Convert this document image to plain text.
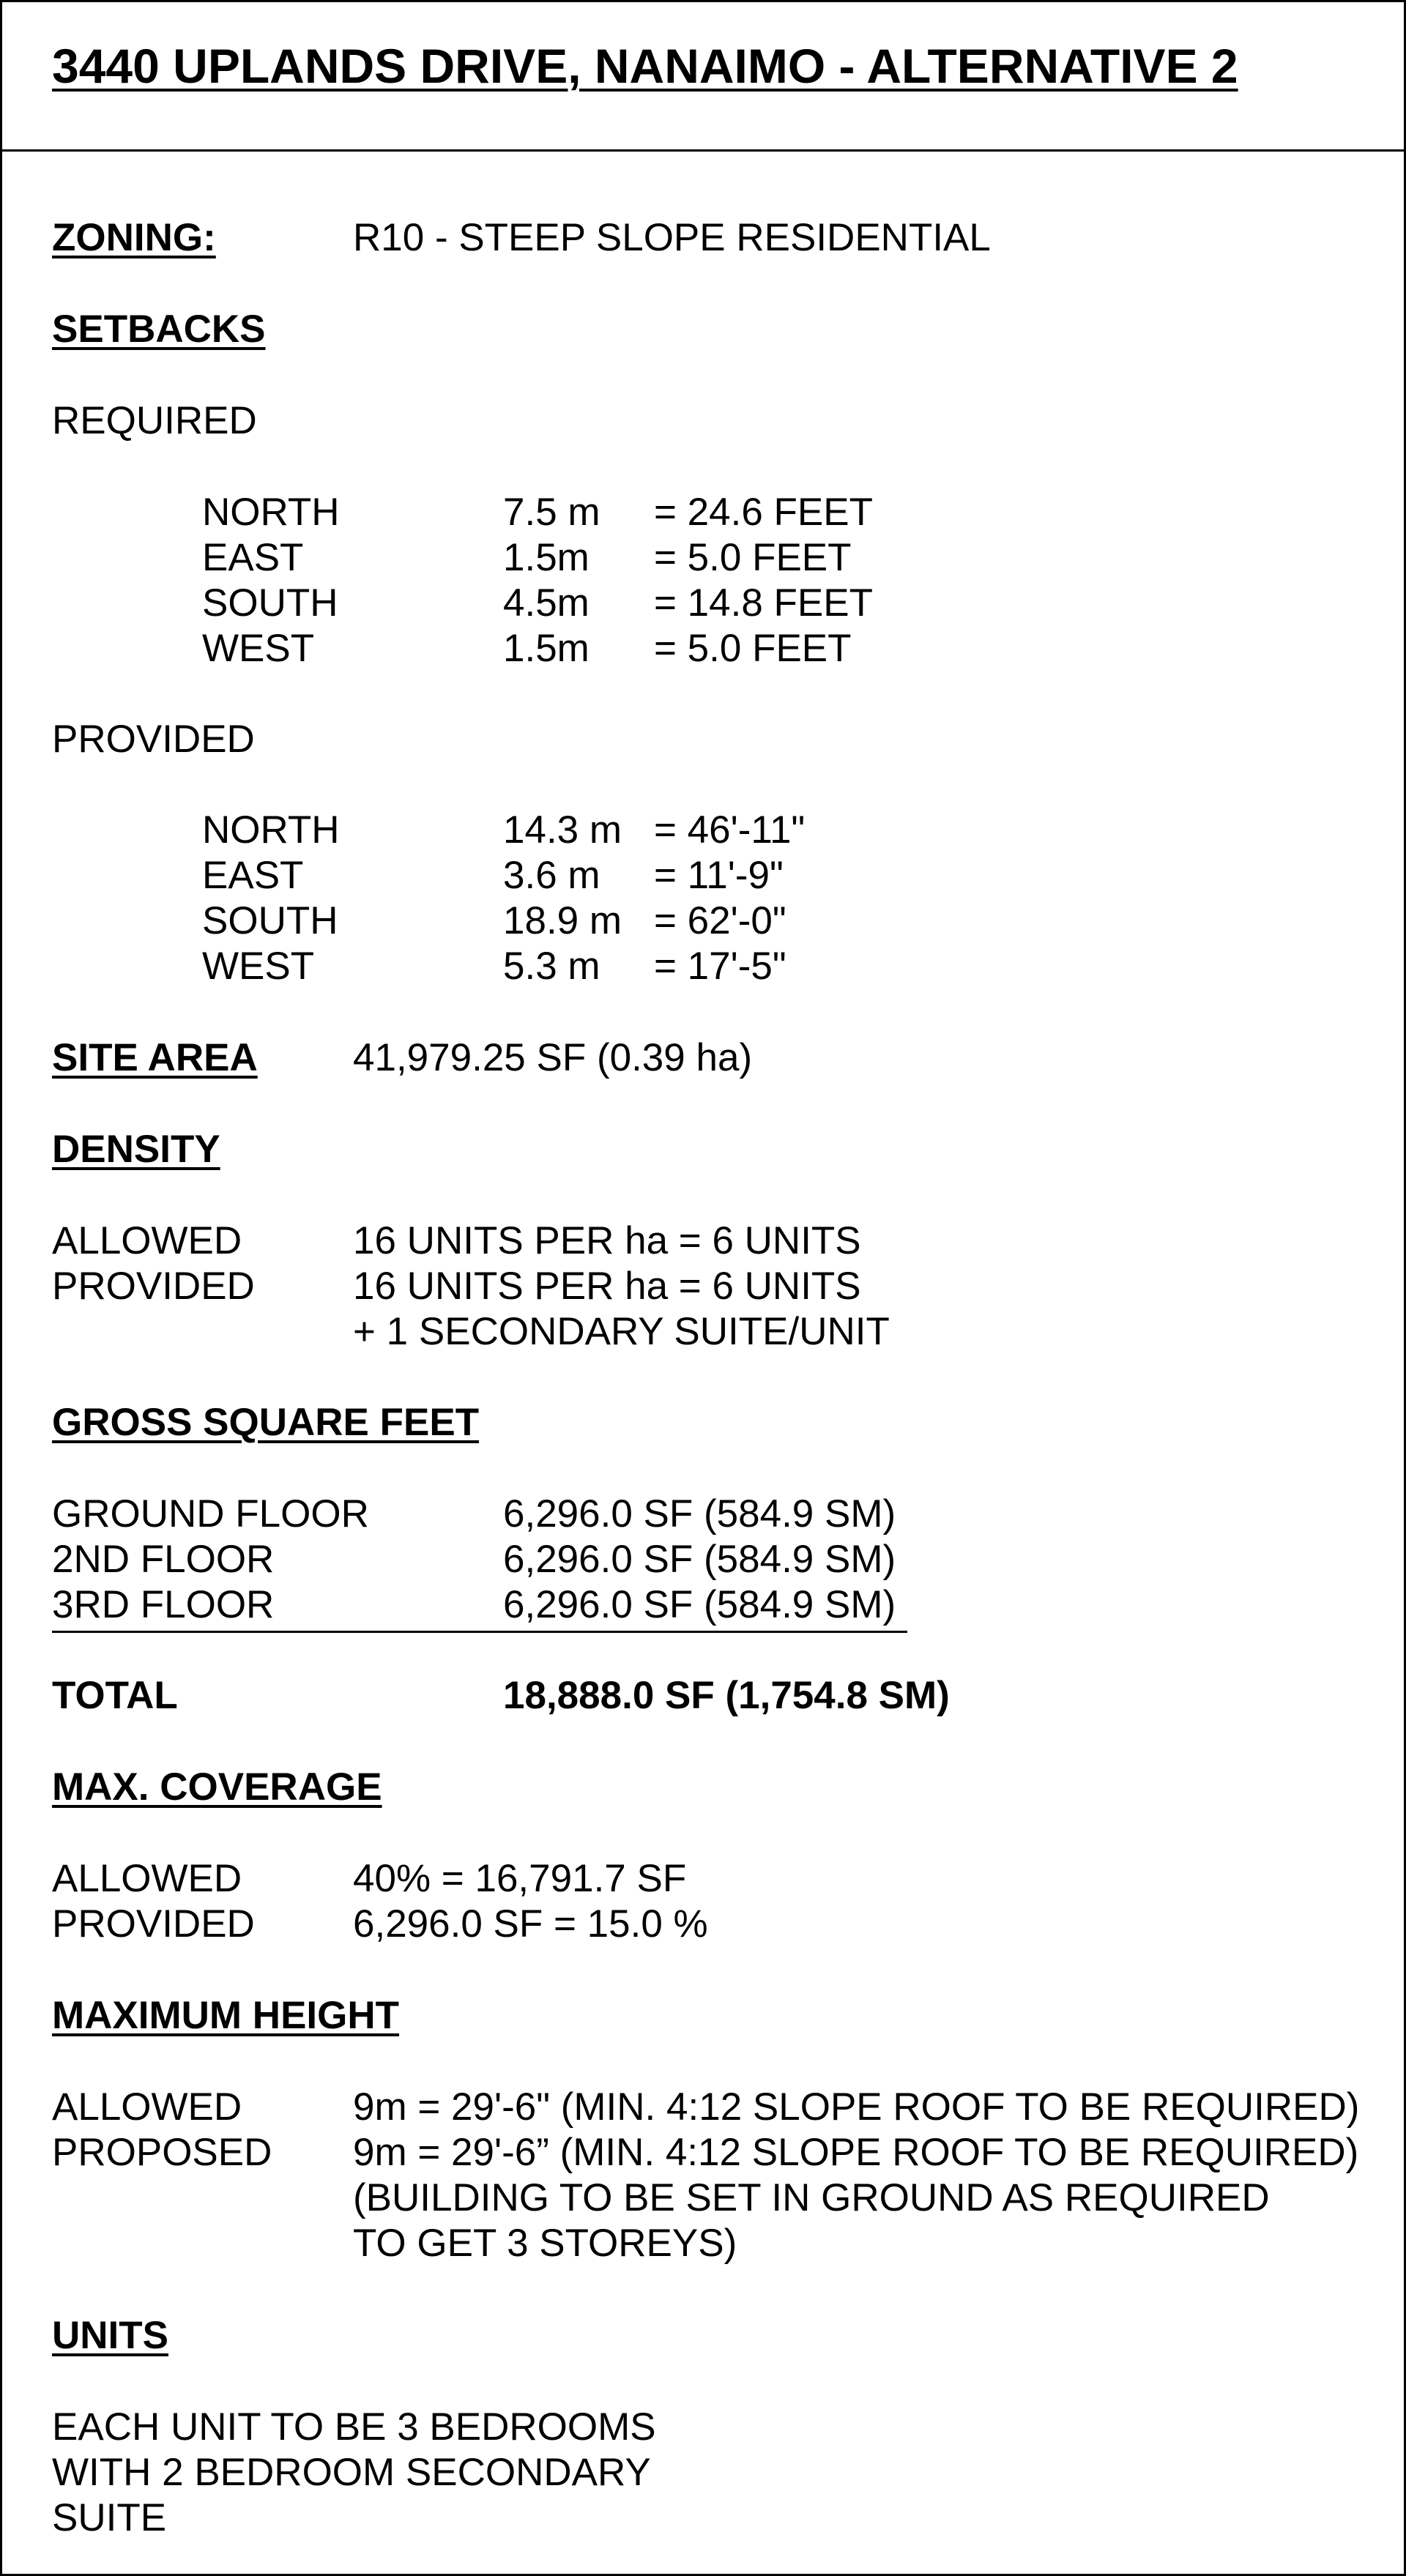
3440 UPLANDS DRIVE, NANAIMO - ALTERNATIVE 2
ZONING:	R10 - STEEP SLOPE RESIDENTIAL
SETBACKS
REQUIRED
NORTH	7.5 m = 24.6 FEET
EAST	1.5m = 5.0 FEET
SOUTH	4.5m = 14.8 FEET
WEST	1.5m = 5.0 FEET
PROVIDED
NORTH	14.3 m = 46'-11"
EAST	3.6 m = 11'-9"
SOUTH	18.9 m = 62'-0"
WEST	5.3 m = 17'-5"
SITE AREA 41,979.25 SF (0.39 ha)
DENSITY
ALLOWED	16 UNITS PER ha = 6 UNITS
PROVIDED	16 UNITS PER ha = 6 UNITS
+ 1 SECONDARY SUITE/UNIT
GROSS SQUARE FEET
GROUND FLOOR	6,296.0 SF (584.9 SM)
2ND FLOOR	6,296.0 SF (584.9 SM)
3RD FLOOR	6,296.0 SF (584.9 SM)
TOTAL	18,888.0 SF (1,754.8 SM)
MAX. COVERAGE
ALLOWED	40% = 16,791.7 SF
PROVIDED	6,296.0 SF = 15.0 %
MAXIMUM HEIGHT
ALLOWED	9m = 29'-6" (MIN. 4:12 SLOPE ROOF TO BE REQUIRED)
PROPOSED 9m = 29'-6” (MIN. 4:12 SLOPE ROOF TO BE REQUIRED)
(BUILDING TO BE SET IN GROUND AS REQUIRED
TO GET 3 STOREYS)
UNITS
EACH UNIT TO BE 3 BEDROOMS
WITH 2 BEDROOM SECONDARY
SUITE
